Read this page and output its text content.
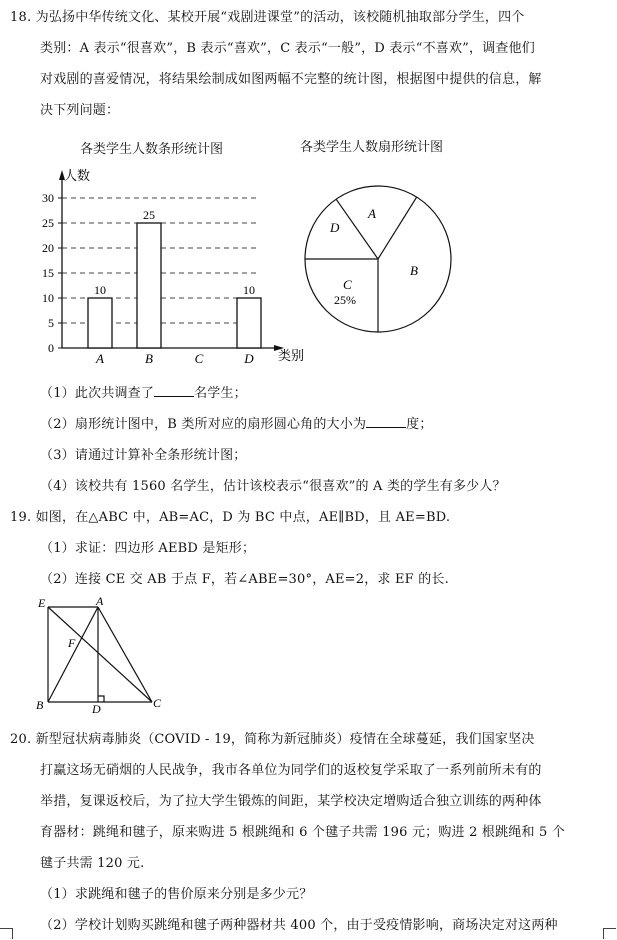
18. 为弘扬中华传统文化、某校开展“戏剧进课堂”的活动，该校随机抽取部分学生，四个
类别：A 表示“很喜欢”，B 表示“喜欢”，C 表示“一般”，D 表示“不喜欢”，调查他们
对戏剧的喜爱情况，将结果绘制成如图两幅不完整的统计图，根据图中提供的信息，解
决下列问题：
各类学生人数条形统计图	各类学生人数扇形统计图
0
5
10
15
20
25
30
10
25
10
A	B	C	D
人数
类别
A
D
B
C
25%
（1）此次共调查了	名学生；
（2）扇形统计图中，B 类所对应的扇形圆心角的大小为	度；
（3）请通过计算补全条形统计图；
（4）该校共有 1560 名学生，估计该校表示“很喜欢”的 A 类的学生有多少人？
19. 如图，在△ABC 中，AB=AC，D 为 BC 中点，AE∥BD，且 AE=BD.
（1）求证：四边形 AEBD 是矩形；
（2）连接 CE 交 AB 于点 F，若∠ABE=30°，AE=2，求 EF 的长.
E	A
F
B	D	C
20. 新型冠状病毒肺炎（COVID - 19，简称为新冠肺炎）疫情在全球蔓延，我们国家坚决
打赢这场无硝烟的人民战争，我市各单位为同学们的返校复学采取了一系列前所未有的
举措，复课返校后，为了拉大学生锻炼的间距，某学校决定增购适合独立训练的两种体
育器材：跳绳和毽子，原来购进 5 根跳绳和 6 个毽子共需 196 元；购进 2 根跳绳和 5 个
毽子共需 120 元.
（1）求跳绳和毽子的售价原来分别是多少元？
（2）学校计划购买跳绳和毽子两种器材共 400 个，由于受疫情影响，商场决定对这两种
